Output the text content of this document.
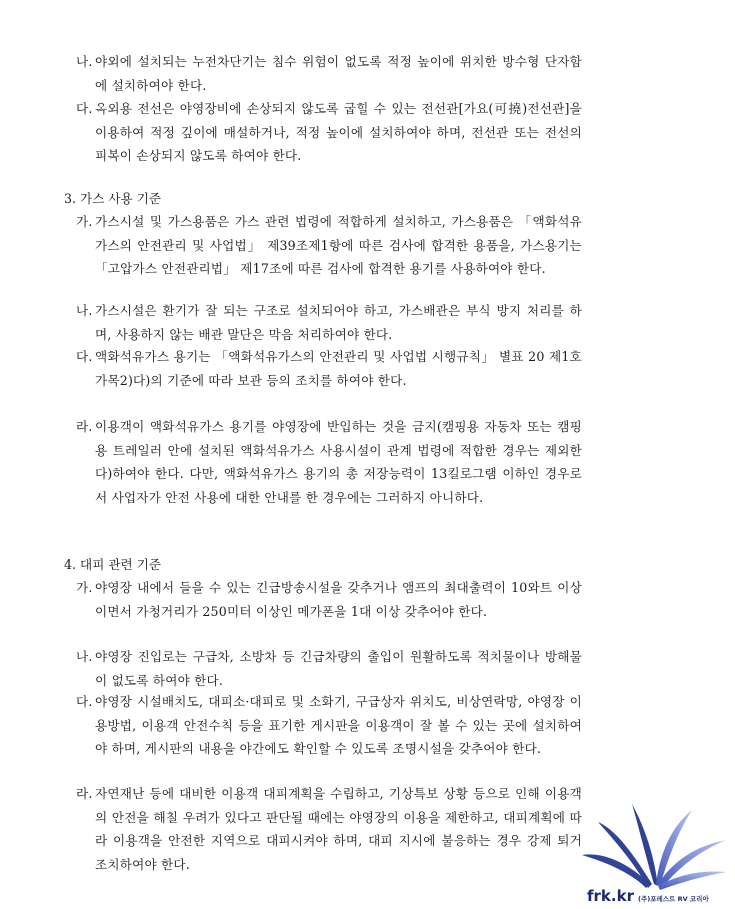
나. 야외에 설치되는 누전차단기는 침수 위험이 없도록 적정 높이에 위치한 방수형 단자함에 설치하여야 한다.

다. 옥외용 전선은 야영장비에 손상되지 않도록 굽힐 수 있는 전선관[가요(可撓)전선관]을 이용하여 적정 깊이에 매설하거나, 적정 높이에 설치하여야 하며, 전선관 또는 전선의 피복이 손상되지 않도록 하여야 한다.

3. 가스 사용 기준

가. 가스시설 및 가스용품은 가스 관련 법령에 적합하게 설치하고, 가스용품은 「액화석유가스의 안전관리 및 사업법」 제39조제1항에 따른 검사에 합격한 용품을, 가스용기는 「고압가스 안전관리법」 제17조에 따른 검사에 합격한 용기를 사용하여야 한다.

나. 가스시설은 환기가 잘 되는 구조로 설치되어야 하고, 가스배관은 부식 방지 처리를 하며, 사용하지 않는 배관 말단은 막음 처리하여야 한다.

다. 액화석유가스 용기는 「액화석유가스의 안전관리 및 사업법 시행규칙」 별표 20 제1호가목2)다)의 기준에 따라 보관 등의 조치를 하여야 한다.

라. 이용객이 액화석유가스 용기를 야영장에 반입하는 것을 금지(캠핑용 자동차 또는 캠핑용 트레일러 안에 설치된 액화석유가스 사용시설이 관계 법령에 적합한 경우는 제외한다)하여야 한다. 다만, 액화석유가스 용기의 총 저장능력이 13킬로그램 이하인 경우로서 사업자가 안전 사용에 대한 안내를 한 경우에는 그러하지 아니하다.

4. 대피 관련 기준

가. 야영장 내에서 들을 수 있는 긴급방송시설을 갖추거나 앰프의 최대출력이 10와트 이상이면서 가청거리가 250미터 이상인 메가폰을 1대 이상 갖추어야 한다.

나. 야영장 진입로는 구급차, 소방차 등 긴급차량의 출입이 원활하도록 적치물이나 방해물이 없도록 하여야 한다.

다. 야영장 시설배치도, 대피소·대피로 및 소화기, 구급상자 위치도, 비상연락망, 야영장 이용방법, 이용객 안전수칙 등을 표기한 게시판을 이용객이 잘 볼 수 있는 곳에 설치하여야 하며, 게시판의 내용을 야간에도 확인할 수 있도록 조명시설을 갖추어야 한다.

라. 자연재난 등에 대비한 이용객 대피계획을 수립하고, 기상특보 상황 등으로 인해 이용객의 안전을 해칠 우려가 있다고 판단될 때에는 야영장의 이용을 제한하고, 대피계획에 따라 이용객을 안전한 지역으로 대피시켜야 하며, 대피 지시에 불응하는 경우 강제 퇴거 조치하여야 한다.

frk.kr (주)포레스트 RV 코리아
